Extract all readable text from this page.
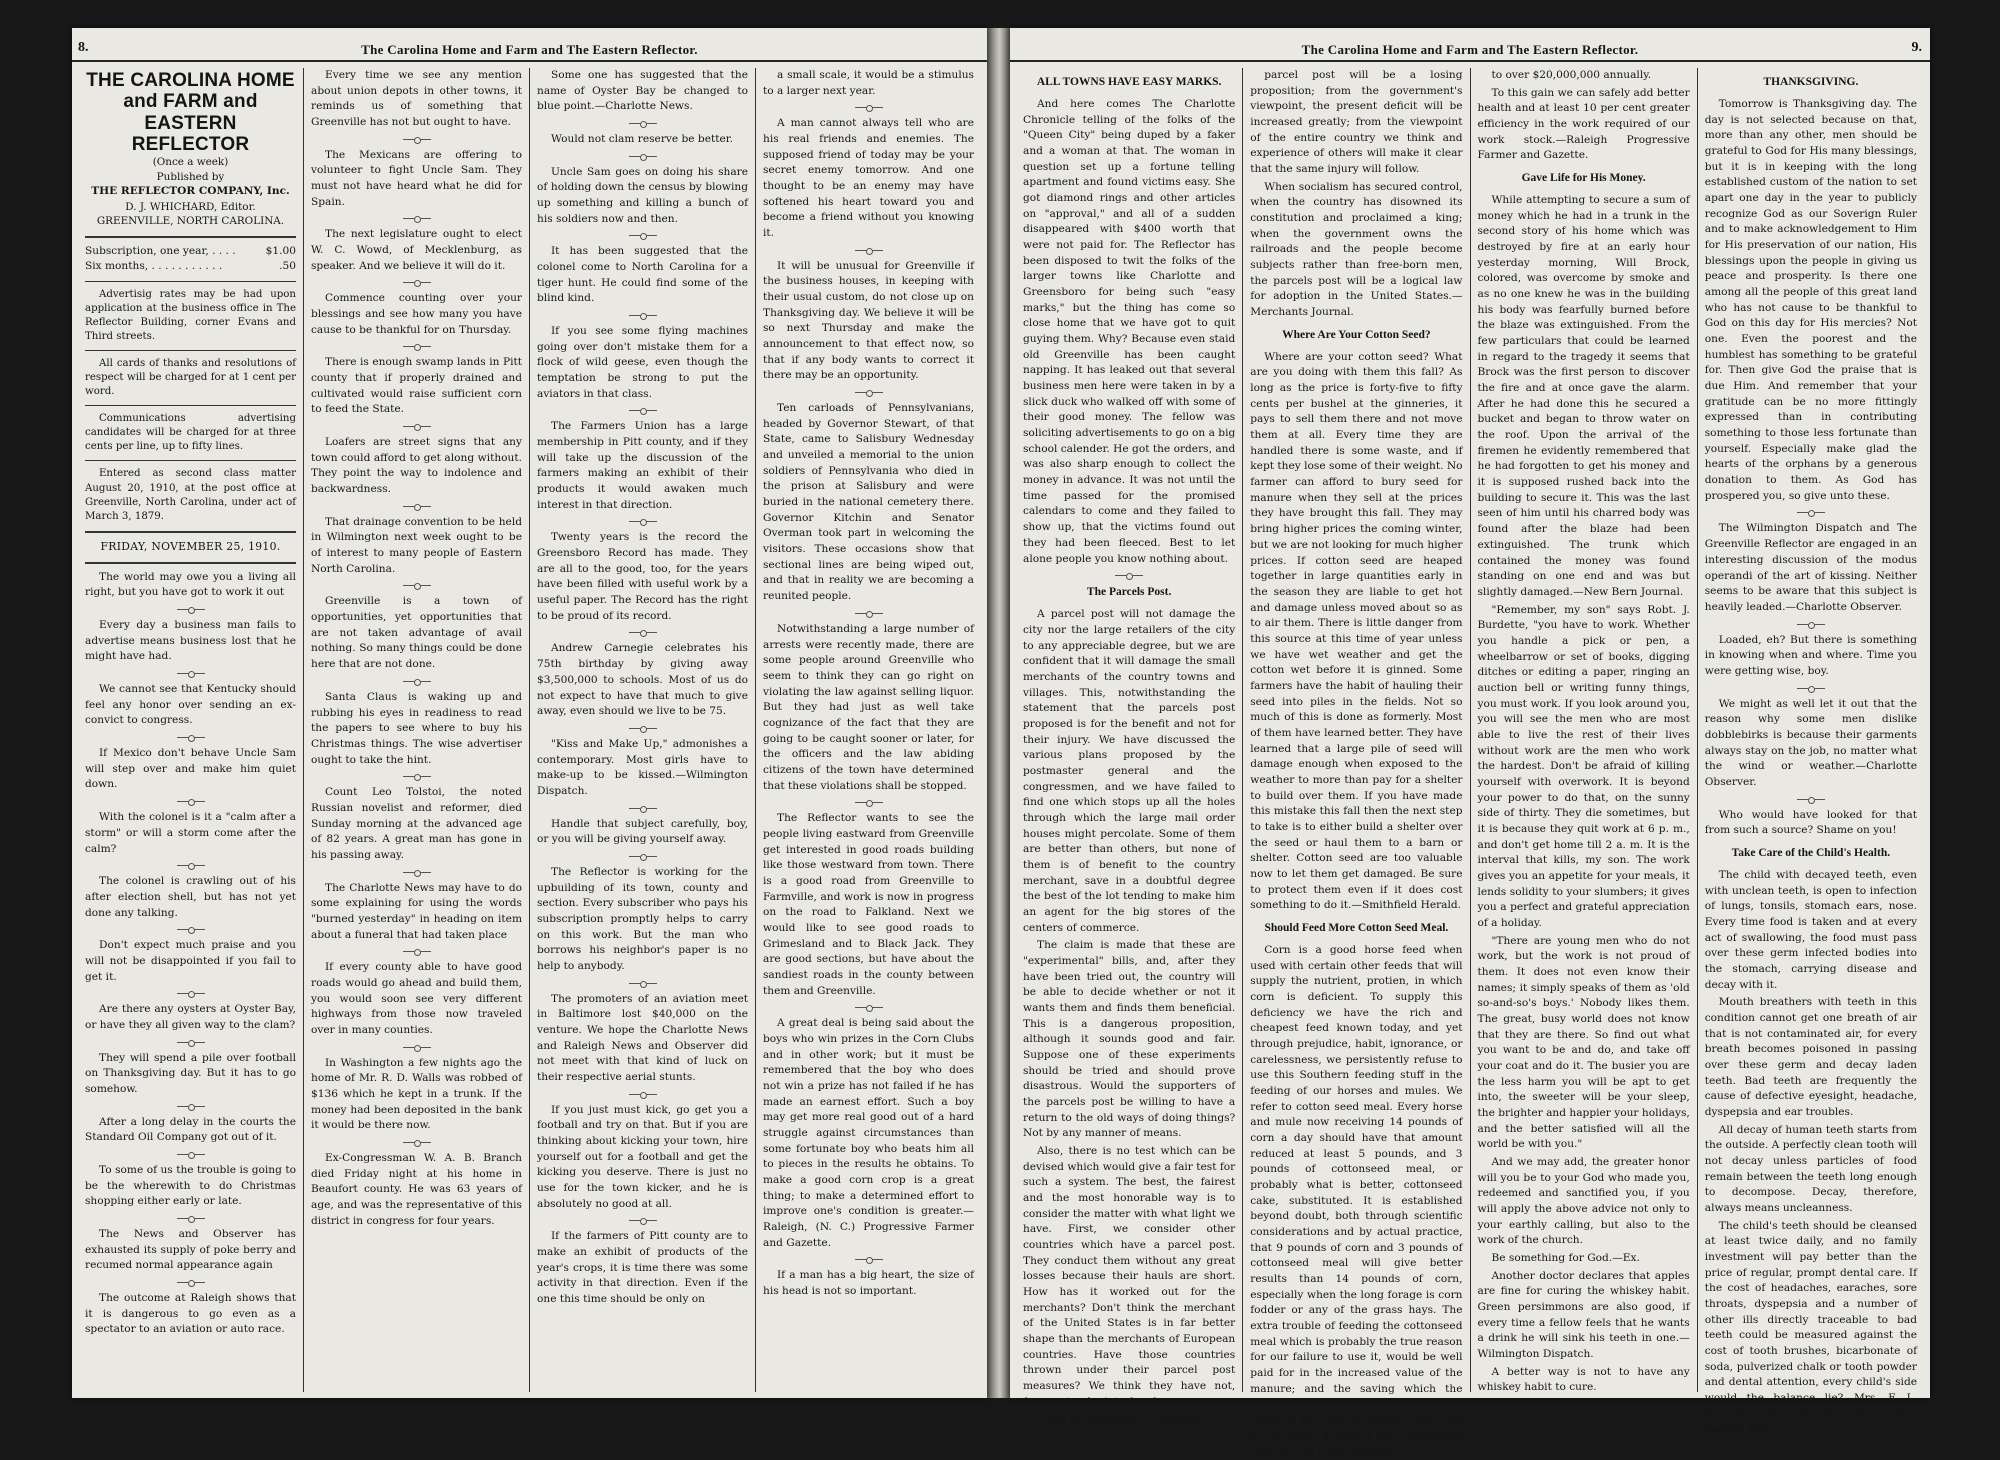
8.	The Carolina Home and Farm and The Eastern Reflector.
THE CAROLINA HOME and FARM and EASTERN REFLECTOR
(Once a week)
Published by
THE REFLECTOR COMPANY, Inc.
D. J. WHICHARD, Editor.
GREENVILLE, NORTH CAROLINA.
Subscription, one year, . . . .	$1.00
Six months, . . . . . . . . . . .	.50

Advertisig rates may be had upon application at the business office in The Reflector Building, corner Evans and Third streets.

All cards of thanks and resolutions of respect will be charged for at 1 cent per word.

Communications advertising candidates will be charged for at three cents per line, up to fifty lines.

Entered as second class matter August 20, 1910, at the post office at Greenville, North Carolina, under act of March 3, 1879.

FRIDAY, NOVEMBER 25, 1910.

The world may owe you a living all right, but you have got to work it out

Every day a business man fails to advertise means business lost that he might have had.

We cannot see that Kentucky should feel any honor over sending an ex-convict to congress.

If Mexico don't behave Uncle Sam will step over and make him quiet down.

With the colonel is it a "calm after a storm" or will a storm come after the calm?

The colonel is crawling out of his after election shell, but has not yet done any talking.

Don't expect much praise and you will not be disappointed if you fail to get it.

Are there any oysters at Oyster Bay, or have they all given way to the clam?

They will spend a pile over football on Thanksgiving day. But it has to go somehow.

After a long delay in the courts the Standard Oil Company got out of it.

To some of us the trouble is going to be the wherewith to do Christmas shopping either early or late.

The News and Observer has exhausted its supply of poke berry and recumed normal appearance again

The outcome at Raleigh shows that it is dangerous to go even as a spectator to an aviation or auto race.

Every time we see any mention about union depots in other towns, it reminds us of something that Greenville has not but ought to have.

The Mexicans are offering to volunteer to fight Uncle Sam. They must not have heard what he did for Spain.

The next legislature ought to elect W. C. Wowd, of Mecklenburg, as speaker. And we believe it will do it.

Commence counting over your blessings and see how many you have cause to be thankful for on Thursday.

There is enough swamp lands in Pitt county that if properly drained and cultivated would raise sufficient corn to feed the State.

Loafers are street signs that any town could afford to get along without. They point the way to indolence and backwardness.

That drainage convention to be held in Wilmington next week ought to be of interest to many people of Eastern North Carolina.

Greenville is a town of opportunities, yet opportunities that are not taken advantage of avail nothing. So many things could be done here that are not done.

Santa Claus is waking up and rubbing his eyes in readiness to read the papers to see where to buy his Christmas things. The wise advertiser ought to take the hint.

Count Leo Tolstoi, the noted Russian novelist and reformer, died Sunday morning at the advanced age of 82 years. A great man has gone in his passing away.

The Charlotte News may have to do some explaining for using the words "burned yesterday" in heading on item about a funeral that had taken place

If every county able to have good roads would go ahead and build them, you would soon see very different highways from those now traveled over in many counties.

In Washington a few nights ago the home of Mr. R. D. Walls was robbed of $136 which he kept in a trunk. If the money had been deposited in the bank it would be there now.

Ex-Congressman W. A. B. Branch died Friday night at his home in Beaufort county. He was 63 years of age, and was the representative of this district in congress for four years.

Some one has suggested that the name of Oyster Bay be changed to blue point.—Charlotte News.

Would not clam reserve be better.

Uncle Sam goes on doing his share of holding down the census by blowing up something and killing a bunch of his soldiers now and then.

It has been suggested that the colonel come to North Carolina for a tiger hunt. He could find some of the blind kind.

If you see some flying machines going over don't mistake them for a flock of wild geese, even though the temptation be strong to put the aviators in that class.

The Farmers Union has a large membership in Pitt county, and if they will take up the discussion of the farmers making an exhibit of their products it would awaken much interest in that direction.

Twenty years is the record the Greensboro Record has made. They are all to the good, too, for the years have been filled with useful work by a useful paper. The Record has the right to be proud of its record.

Andrew Carnegie celebrates his 75th birthday by giving away $3,500,000 to schools. Most of us do not expect to have that much to give away, even should we live to be 75.

"Kiss and Make Up," admonishes a contemporary. Most girls have to make-up to be kissed.—Wilmington Dispatch.

Handle that subject carefully, boy, or you will be giving yourself away.

The Reflector is working for the upbuilding of its town, county and section. Every subscriber who pays his subscription promptly helps to carry on this work. But the man who borrows his neighbor's paper is no help to anybody.

The promoters of an aviation meet in Baltimore lost $40,000 on the venture. We hope the Charlotte News and Raleigh News and Observer did not meet with that kind of luck on their respective aerial stunts.

If you just must kick, go get you a football and try on that. But if you are thinking about kicking your town, hire yourself out for a football and get the kicking you deserve. There is just no use for the town kicker, and he is absolutely no good at all.

If the farmers of Pitt county are to make an exhibit of products of the year's crops, it is time there was some activity in that direction. Even if the one this time should be only on

a small scale, it would be a stimulus to a larger next year.

A man cannot always tell who are his real friends and enemies. The supposed friend of today may be your secret enemy tomorrow. And one thought to be an enemy may have softened his heart toward you and become a friend without you knowing it.

It will be unusual for Greenville if the business houses, in keeping with their usual custom, do not close up on Thanksgiving day. We believe it will be so next Thursday and make the announcement to that effect now, so that if any body wants to correct it there may be an opportunity.

Ten carloads of Pennsylvanians, headed by Governor Stewart, of that State, came to Salisbury Wednesday and unveiled a memorial to the union soldiers of Pennsylvania who died in the prison at Salisbury and were buried in the national cemetery there. Governor Kitchin and Senator Overman took part in welcoming the visitors. These occasions show that sectional lines are being wiped out, and that in reality we are becoming a reunited people.

Notwithstanding a large number of arrests were recently made, there are some people around Greenville who seem to think they can go right on violating the law against selling liquor. But they had just as well take cognizance of the fact that they are going to be caught sooner or later, for the officers and the law abiding citizens of the town have determined that these violations shall be stopped.

The Reflector wants to see the people living eastward from Greenville get interested in good roads building like those westward from town. There is a good road from Greenville to Farmville, and work is now in progress on the road to Falkland. Next we would like to see good roads to Grimesland and to Black Jack. They are good sections, but have about the sandiest roads in the county between them and Greenville.

A great deal is being said about the boys who win prizes in the Corn Clubs and in other work; but it must be remembered that the boy who does not win a prize has not failed if he has made an earnest effort. Such a boy may get more real good out of a hard struggle against circumstances than some fortunate boy who beats him all to pieces in the results he obtains. To make a good corn crop is a great thing; to make a determined effort to improve one's condition is greater.—Raleigh, (N. C.) Progressive Farmer and Gazette.

If a man has a big heart, the size of his head is not so important.

The Carolina Home and Farm and The Eastern Reflector.	9.
ALL TOWNS HAVE EASY MARKS.

And here comes The Charlotte Chronicle telling of the folks of the "Queen City" being duped by a faker and a woman at that. The woman in question set up a fortune telling apartment and found victims easy. She got diamond rings and other articles on "approval," and all of a sudden disappeared with $400 worth that were not paid for. The Reflector has been disposed to twit the folks of the larger towns like Charlotte and Greensboro for being such "easy marks," but the thing has come so close home that we have got to quit guying them. Why? Because even staid old Greenville has been caught napping. It has leaked out that several business men here were taken in by a slick duck who walked off with some of their good money. The fellow was soliciting advertisements to go on a big school calender. He got the orders, and was also sharp enough to collect the money in advance. It was not until the time passed for the promised calendars to come and they failed to show up, that the victims found out they had been fleeced. Best to let alone people you know nothing about.

The Parcels Post.

A parcel post will not damage the city nor the large retailers of the city to any appreciable degree, but we are confident that it will damage the small merchants of the country towns and villages. This, notwithstanding the statement that the parcels post proposed is for the benefit and not for their injury. We have discussed the various plans proposed by the postmaster general and the congressmen, and we have failed to find one which stops up all the holes through which the large mail order houses might percolate. Some of them are better than others, but none of them is of benefit to the country merchant, save in a doubtful degree the best of the lot tending to make him an agent for the big stores of the centers of commerce.

The claim is made that these are "experimental" bills, and, after they have been tried out, the country will be able to decide whether or not it wants them and finds them beneficial. This is a dangerous proposition, although it sounds good and fair. Suppose one of these experiments should be tried and should prove disastrous. Would the supporters of the parcels post be willing to have a return to the old ways of doing things? Not by any manner of means.

Also, there is no test which can be devised which would give a fair test for such a system. The best, the fairest and the most honorable way is to consider the matter with what light we have. First, we consider other countries which have a parcel post. They conduct them without any great losses because their hauls are short. How has it worked out for the merchants? Don't think the merchant of the United States is in far better shape than the merchants of European countries. Have those countries thrown under their parcel post measures? We think they have not, from a standpoint of real success.

From the merchant's viewpoint, the

parcel post will be a losing proposition; from the government's viewpoint, the present deficit will be increased greatly; from the viewpoint of the entire country we think and experience of others will make it clear that the same injury will follow.

When socialism has secured control, when the country has disowned its constitution and proclaimed a king; when the government owns the railroads and the people become subjects rather than free-born men, the parcels post will be a logical law for adoption in the United States.—Merchants Journal.

Where Are Your Cotton Seed?

Where are your cotton seed? What are you doing with them this fall? As long as the price is forty-five to fifty cents per bushel at the ginneries, it pays to sell them there and not move them at all. Every time they are handled there is some waste, and if kept they lose some of their weight. No farmer can afford to bury seed for manure when they sell at the prices they have brought this fall. They may bring higher prices the coming winter, but we are not looking for much higher prices. If cotton seed are heaped together in large quantities early in the season they are liable to get hot and damage unless moved about so as to air them. There is little danger from this source at this time of year unless we have wet weather and get the cotton wet before it is ginned. Some farmers have the habit of hauling their seed into piles in the fields. Not so much of this is done as formerly. Most of them have learned better. They have learned that a large pile of seed will damage enough when exposed to the weather to more than pay for a shelter to build over them. If you have made this mistake this fall then the next step to take is to either build a shelter over the seed or haul them to a barn or shelter. Cotton seed are too valuable now to let them get damaged. Be sure to protect them even if it does cost something to do it.—Smithfield Herald.

Should Feed More Cotton Seed Meal.

Corn is a good horse feed when used with certain other feeds that will supply the nutrient, protien, in which corn is deficient. To supply this deficiency we have the rich and cheapest feed known today, and yet through prejudice, habit, ignorance, or carelessness, we persistently refuse to use this Southern feeding stuff in the feeding of our horses and mules. We refer to cotton seed meal. Every horse and mule now receiving 14 pounds of corn a day should have that amount reduced at least 5 pounds, and 3 pounds of cottonseed meal, or probably what is better, cottonseed cake, substituted. It is established beyond doubt, both through scientific considerations and by actual practice, that 9 pounds of corn and 3 pounds of cottonseed meal will give better results than 14 pounds of corn, especially when the long forage is corn fodder or any of the grass hays. The extra trouble of feeding the cottonseed meal which is probably the true reason for our failure to use it, would be well paid for in the increased value of the manure; and the saving which the horses and mules of the South would result in the cost of feeding with corn at 60 cents a bushel and cottonseed meal at $30 a ton amounts

to over $20,000,000 annually.

To this gain we can safely add better health and at least 10 per cent greater efficiency in the work required of our work stock.—Raleigh Progressive Farmer and Gazette.

Gave Life for His Money.

While attempting to secure a sum of money which he had in a trunk in the second story of his home which was destroyed by fire at an early hour yesterday morning, Will Brock, colored, was overcome by smoke and as no one knew he was in the building his body was fearfully burned before the blaze was extinguished. From the few particulars that could be learned in regard to the tragedy it seems that Brock was the first person to discover the fire and at once gave the alarm. After he had done this he secured a bucket and began to throw water on the roof. Upon the arrival of the firemen he evidently remembered that he had forgotten to get his money and it is supposed rushed back into the building to secure it. This was the last seen of him until his charred body was found after the blaze had been extinguished. The trunk which contained the money was found standing on one end and was but slightly damaged.—New Bern Journal.

"Remember, my son" says Robt. J. Burdette, "you have to work. Whether you handle a pick or pen, a wheelbarrow or set of books, digging ditches or editing a paper, ringing an auction bell or writing funny things, you must work. If you look around you, you will see the men who are most able to live the rest of their lives without work are the men who work the hardest. Don't be afraid of killing yourself with overwork. It is beyond your power to do that, on the sunny side of thirty. They die sometimes, but it is because they quit work at 6 p. m., and don't get home till 2 a. m. It is the interval that kills, my son. The work gives you an appetite for your meals, it lends solidity to your slumbers; it gives you a perfect and grateful appreciation of a holiday.

"There are young men who do not work, but the work is not proud of them. It does not even know their names; it simply speaks of them as 'old so-and-so's boys.' Nobody likes them. The great, busy world does not know that they are there. So find out what you want to be and do, and take off your coat and do it. The busier you are the less harm you will be apt to get into, the sweeter will be your sleep, the brighter and happier your holidays, and the better satisfied will all the world be with you."

And we may add, the greater honor will you be to your God who made you, redeemed and sanctified you, if you will apply the above advice not only to your earthly calling, but also to the work of the church.

Be something for God.—Ex.

Another doctor declares that apples are fine for curing the whiskey habit. Green persimmons are also good, if every time a fellow feels that he wants a drink he will sink his teeth in one.—Wilmington Dispatch.

A better way is not to have any whiskey habit to cure.

THANKSGIVING.

Tomorrow is Thanksgiving day. The day is not selected because on that, more than any other, men should be grateful to God for His many blessings, but it is in keeping with the long established custom of the nation to set apart one day in the year to publicly recognize God as our Soverign Ruler and to make acknowledgement to Him for His preservation of our nation, His blessings upon the people in giving us peace and prosperity. Is there one among all the people of this great land who has not cause to be thankful to God on this day for His mercies? Not one. Even the poorest and the humblest has something to be grateful for. Then give God the praise that is due Him. And remember that your gratitude can be no more fittingly expressed than in contributing something to those less fortunate than yourself. Especially make glad the hearts of the orphans by a generous donation to them. As God has prospered you, so give unto these.

The Wilmington Dispatch and The Greenville Reflector are engaged in an interesting discussion of the modus operandi of the art of kissing. Neither seems to be aware that this subject is heavily leaded.—Charlotte Observer.

Loaded, eh? But there is something in knowing when and where. Time you were getting wise, boy.

We might as well let it out that the reason why some men dislike dobblebirks is because their garments always stay on the job, no matter what the wind or weather.—Charlotte Observer.

Who would have looked for that from such a source? Shame on you!

Take Care of the Child's Health.

The child with decayed teeth, even with unclean teeth, is open to infection of lungs, tonsils, stomach ears, nose. Every time food is taken and at every act of swallowing, the food must pass over these germ infected bodies into the stomach, carrying disease and decay with it.

Mouth breathers with teeth in this condition cannot get one breath of air that is not contaminated air, for every breath becomes poisoned in passing over these germ and decay laden teeth. Bad teeth are frequently the cause of defective eyesight, headache, dyspepsia and ear troubles.

All decay of human teeth starts from the outside. A perfectly clean tooth will not decay unless particles of food remain between the teeth long enough to decompose. Decay, therefore, always means uncleanness.

The child's teeth should be cleansed at least twice daily, and no family investment will pay better than the price of regular, prompt dental care. If the cost of headaches, earaches, sore throats, dyspepsia and a number of other ills directly traceable to bad teeth could be measured against the cost of tooth brushes, bicarbonate of soda, pulverized chalk or tooth powder and dental attention, every child's side would the balance lie?—Mrs. F. L. Stevens, in Raleigh Progressive Farmer and
